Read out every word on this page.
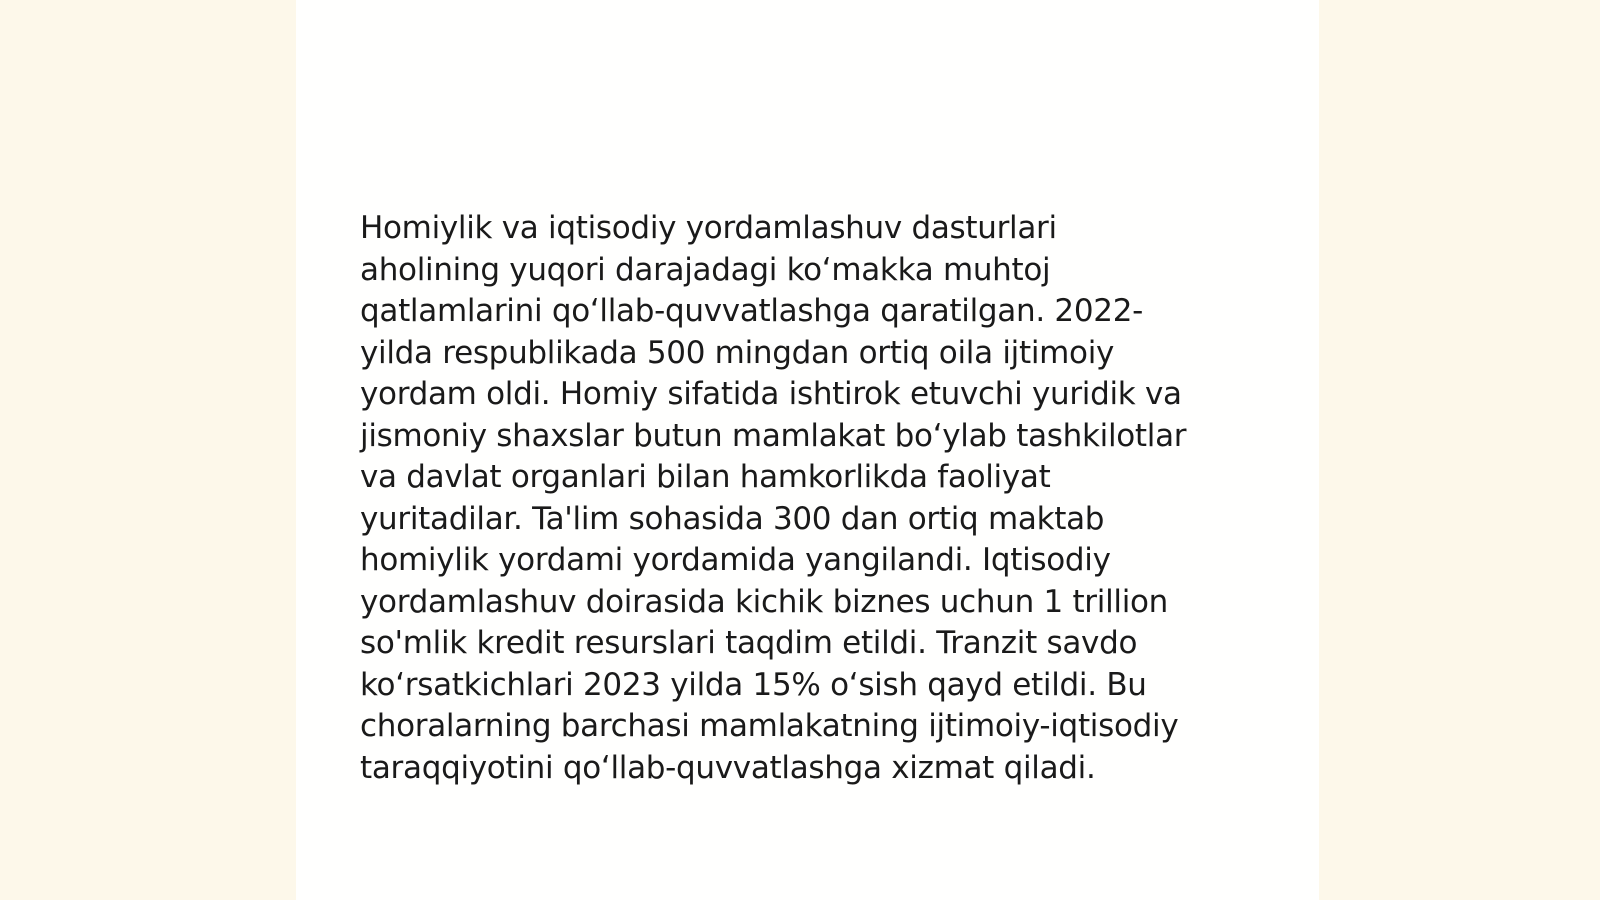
Homiylik va iqtisodiy yordamlashuv dasturlari
aholining yuqori darajadagi koʻmakka muhtoj
qatlamlarini qoʻllab-quvvatlashga qaratilgan. 2022-
yilda respublikada 500 mingdan ortiq oila ijtimoiy
yordam oldi. Homiy sifatida ishtirok etuvchi yuridik va
jismoniy shaxslar butun mamlakat boʻylab tashkilotlar
va davlat organlari bilan hamkorlikda faoliyat
yuritadilar. Ta'lim sohasida 300 dan ortiq maktab
homiylik yordami yordamida yangilandi. Iqtisodiy
yordamlashuv doirasida kichik biznes uchun 1 trillion
so'mlik kredit resurslari taqdim etildi. Tranzit savdo
koʻrsatkichlari 2023 yilda 15% oʻsish qayd etildi. Bu
choralarning barchasi mamlakatning ijtimoiy-iqtisodiy
taraqqiyotini qoʻllab-quvvatlashga xizmat qiladi.
